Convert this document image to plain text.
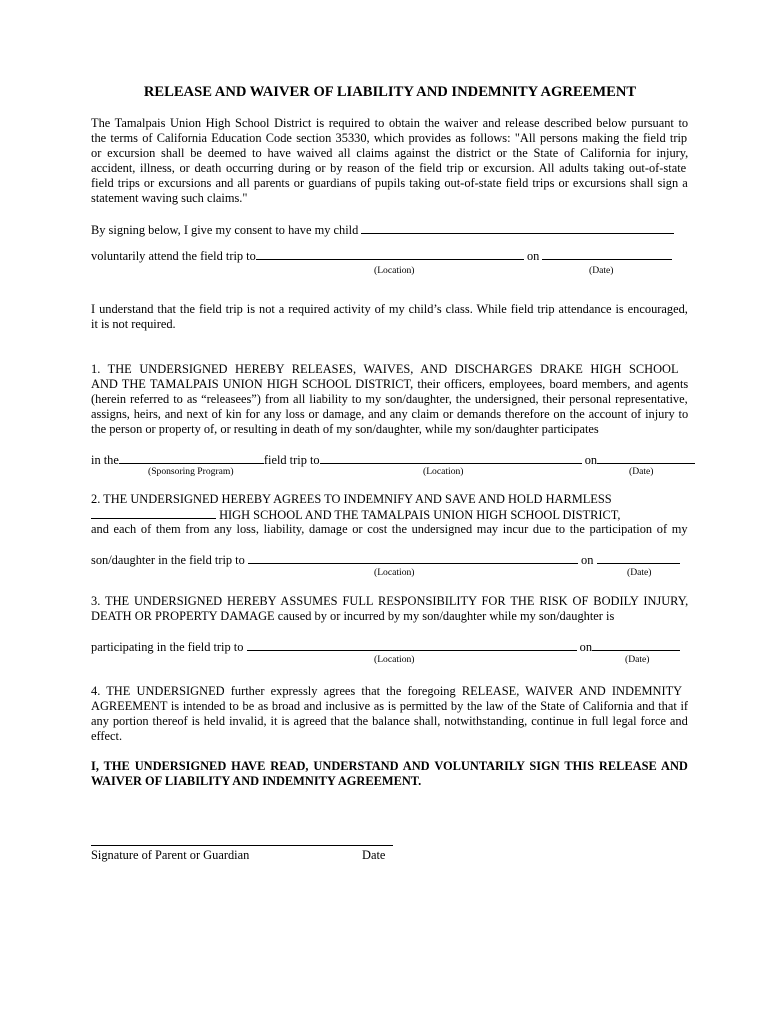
RELEASE AND WAIVER OF LIABILITY AND INDEMNITY AGREEMENT
The Tamalpais Union High School District is required to obtain the waiver and release described below pursuant to
the terms of California Education Code section 35330, which provides as follows: "All persons making the field trip
or excursion shall be deemed to have waived all claims against the district or the State of California for injury,
accident, illness, or death occurring during or by reason of the field trip or excursion. All adults taking out-of-state
field trips or excursions and all parents or guardians of pupils taking out-of-state field trips or excursions shall sign a
statement waving such claims."
By signing below, I give my consent to have my child
voluntarily attend the field trip to	on
(Location)	(Date)
I understand that the field trip is not a required activity of my child’s class. While field trip attendance is encouraged,
it is not required.
1. THE UNDERSIGNED HEREBY RELEASES, WAIVES, AND DISCHARGES DRAKE HIGH SCHOOL
AND THE TAMALPAIS UNION HIGH SCHOOL DISTRICT, their officers, employees, board members, and agents
(herein referred to as “releasees”) from all liability to my son/daughter, the undersigned, their personal representative,
assigns, heirs, and next of kin for any loss or damage, and any claim or demands therefore on the account of injury to
the person or property of, or resulting in death of my son/daughter, while my son/daughter participates
in the	field trip to	on
(Sponsoring Program)	(Location)	(Date)
2. THE UNDERSIGNED HEREBY AGREES TO INDEMNIFY AND SAVE AND HOLD HARMLESS
HIGH SCHOOL AND THE TAMALPAIS UNION HIGH SCHOOL DISTRICT,
and each of them from any loss, liability, damage or cost the undersigned may incur due to the participation of my
son/daughter in the field trip to	on
(Location)	(Date)
3. THE UNDERSIGNED HEREBY ASSUMES FULL RESPONSIBILITY FOR THE RISK OF BODILY INJURY,
DEATH OR PROPERTY DAMAGE caused by or incurred by my son/daughter while my son/daughter is
participating in the field trip to	on
(Location)	(Date)
4. THE UNDERSIGNED further expressly agrees that the foregoing RELEASE, WAIVER AND INDEMNITY
AGREEMENT is intended to be as broad and inclusive as is permitted by the law of the State of California and that if
any portion thereof is held invalid, it is agreed that the balance shall, notwithstanding, continue in full legal force and
effect.
I, THE UNDERSIGNED HAVE READ, UNDERSTAND AND VOLUNTARILY SIGN THIS RELEASE AND
WAIVER OF LIABILITY AND INDEMNITY AGREEMENT.
Signature of Parent or Guardian	Date
